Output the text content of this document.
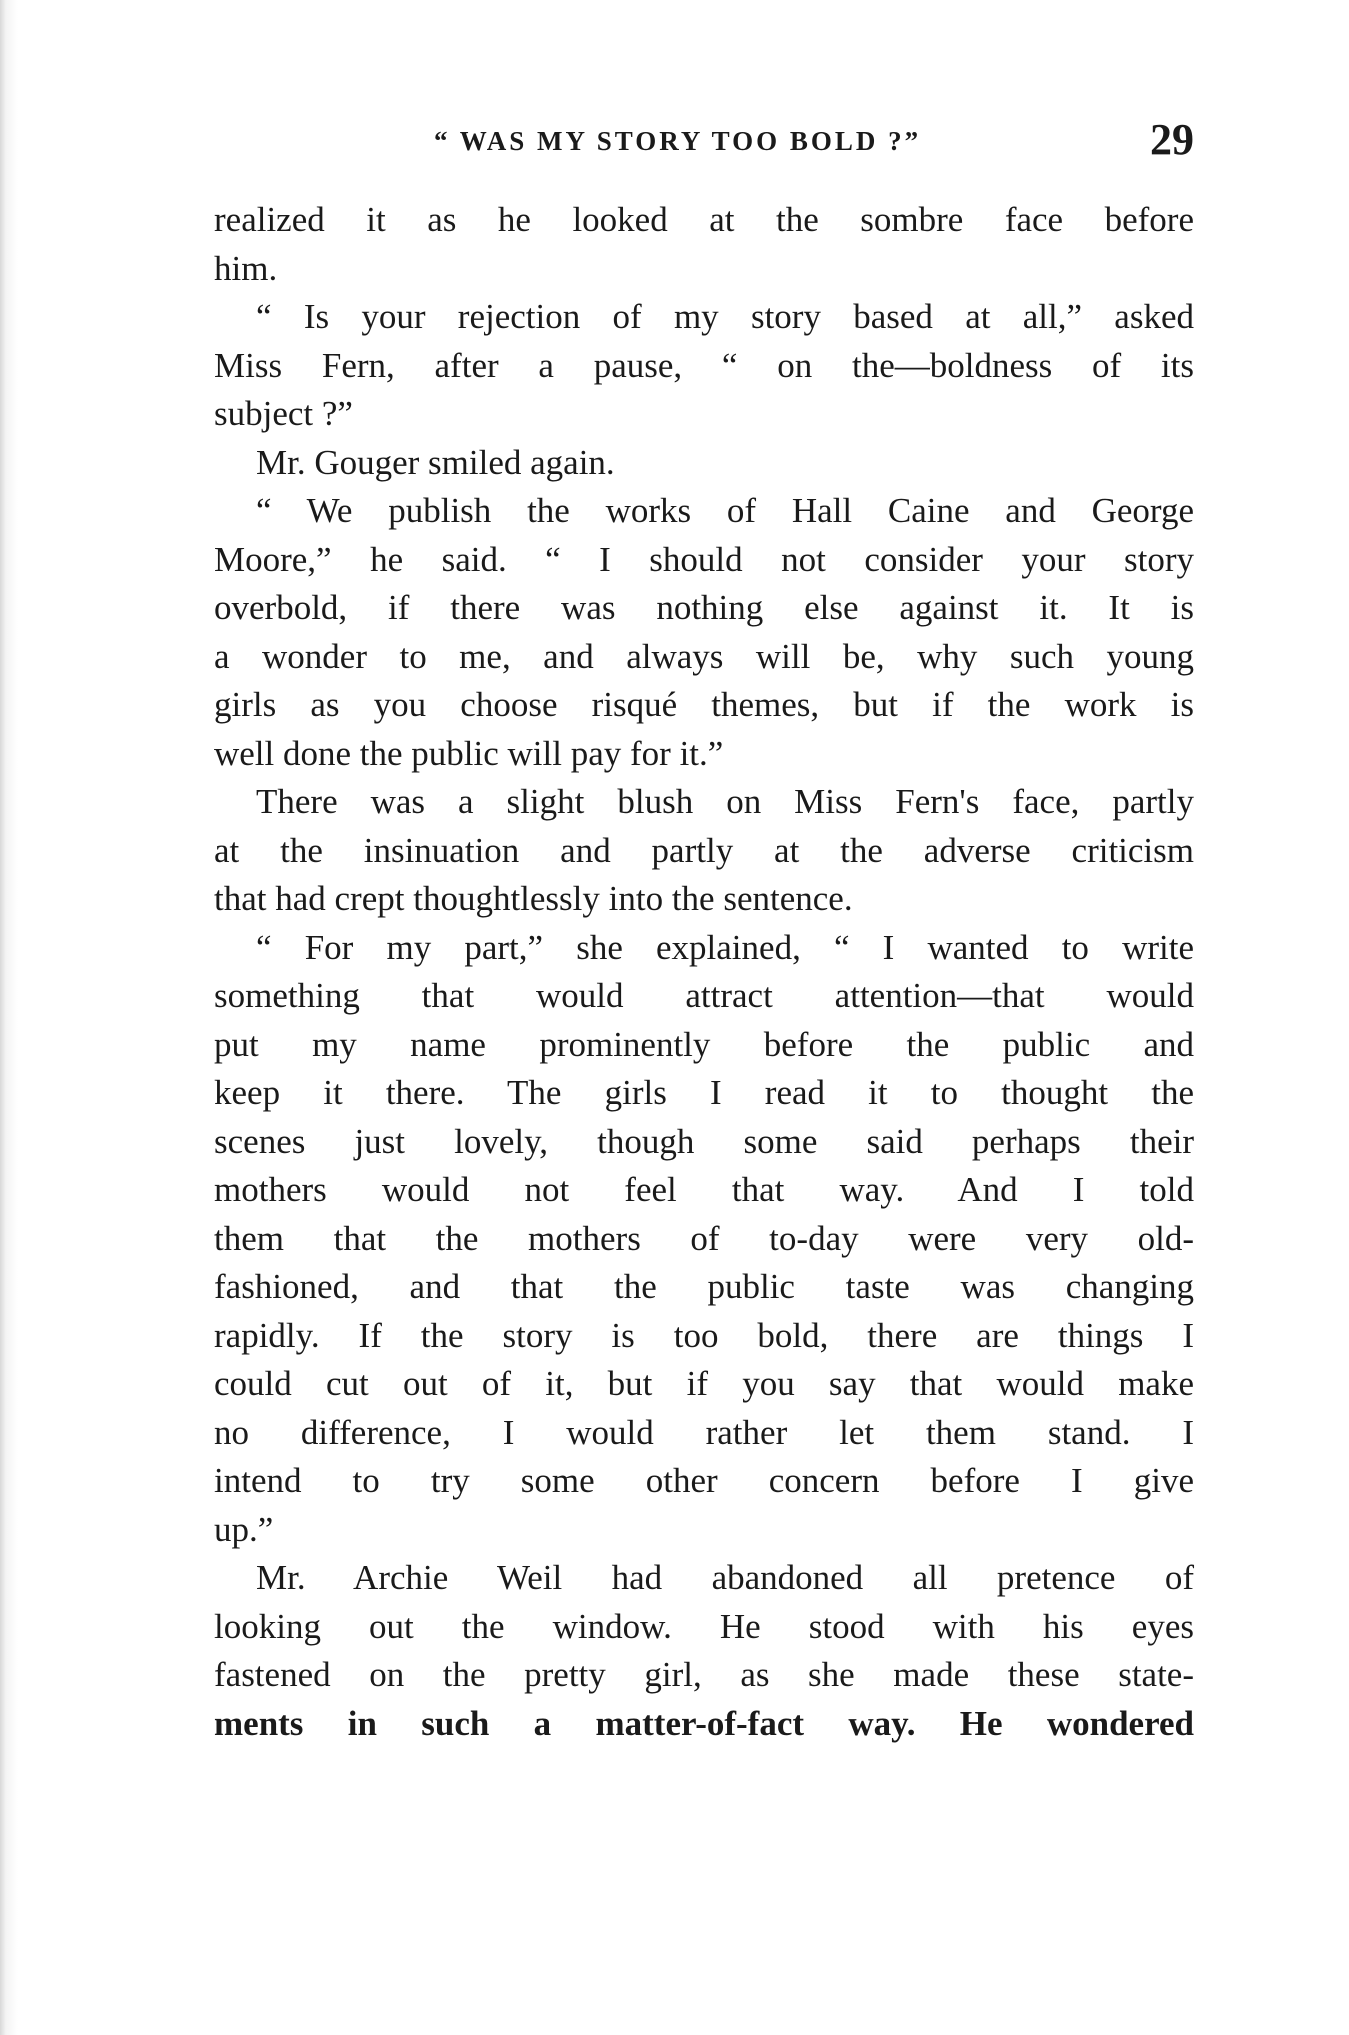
“ WAS MY STORY TOO BOLD ?”	29
realized it as he looked at the sombre face before
him.
“ Is your rejection of my story based at all,” asked
Miss Fern, after a pause, “ on the—boldness of its
subject ?”
Mr. Gouger smiled again.
“ We publish the works of Hall Caine and George
Moore,” he said. “ I should not consider your story
overbold, if there was nothing else against it. It is
a wonder to me, and always will be, why such young
girls as you choose risqué themes, but if the work is
well done the public will pay for it.”
There was a slight blush on Miss Fern's face, partly
at the insinuation and partly at the adverse criticism
that had crept thoughtlessly into the sentence.
“ For my part,” she explained, “ I wanted to write
something that would attract attention—that would
put my name prominently before the public and
keep it there. The girls I read it to thought the
scenes just lovely, though some said perhaps their
mothers would not feel that way. And I told
them that the mothers of to-day were very old-
fashioned, and that the public taste was changing
rapidly. If the story is too bold, there are things I
could cut out of it, but if you say that would make
no difference, I would rather let them stand. I
intend to try some other concern before I give
up.”
Mr. Archie Weil had abandoned all pretence of
looking out the window. He stood with his eyes
fastened on the pretty girl, as she made these state-
ments in such a matter-of-fact way. He wondered
